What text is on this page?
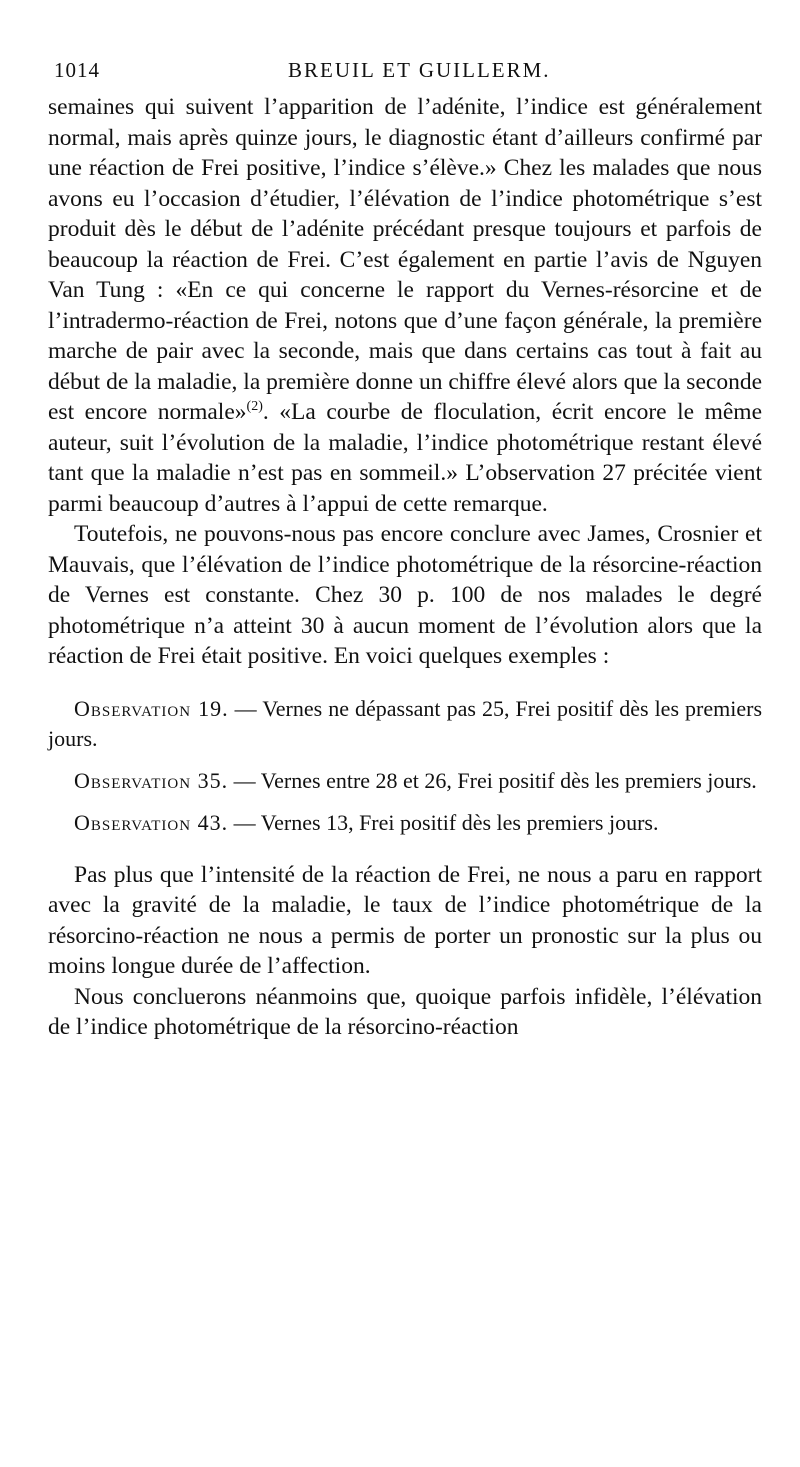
1014	BREUIL ET GUILLERM.

semaines qui suivent l’apparition de l’adénite, l’indice est généralement normal, mais après quinze jours, le diagnostic étant d’ailleurs confirmé par une réaction de Frei positive, l’indice s’élève.» Chez les malades que nous avons eu l’occasion d’étudier, l’élévation de l’indice photométrique s’est produit dès le début de l’adénite précédant presque toujours et parfois de beaucoup la réaction de Frei. C’est également en partie l’avis de Nguyen Van Tung : «En ce qui concerne le rapport du Vernes-résorcine et de l’intradermo-réaction de Frei, notons que d’une façon générale, la première marche de pair avec la seconde, mais que dans certains cas tout à fait au début de la maladie, la première donne un chiffre élevé alors que la seconde est encore normale»$^{(2)}$. «La courbe de floculation, écrit encore le même auteur, suit l’évolution de la maladie, l’indice photométrique restant élevé tant que la maladie n’est pas en sommeil.» L’observation 27 précitée vient parmi beaucoup d’autres à l’appui de cette remarque.

Toutefois, ne pouvons-nous pas encore conclure avec James, Crosnier et Mauvais, que l’élévation de l’indice photométrique de la résorcine-réaction de Vernes est constante. Chez 30 p. 100 de nos malades le degré photométrique n’a atteint 30 à aucun moment de l’évolution alors que la réaction de Frei était positive. En voici quelques exemples :

Observation 19. — Vernes ne dépassant pas 25, Frei positif dès les premiers jours.

Observation 35. — Vernes entre 28 et 26, Frei positif dès les premiers jours.

Observation 43. — Vernes 13, Frei positif dès les premiers jours.

Pas plus que l’intensité de la réaction de Frei, ne nous a paru en rapport avec la gravité de la maladie, le taux de l’indice photométrique de la résorcino-réaction ne nous a permis de porter un pronostic sur la plus ou moins longue durée de l’affection.

Nous concluerons néanmoins que, quoique parfois infidèle, l’élévation de l’indice photométrique de la résorcino-réaction
